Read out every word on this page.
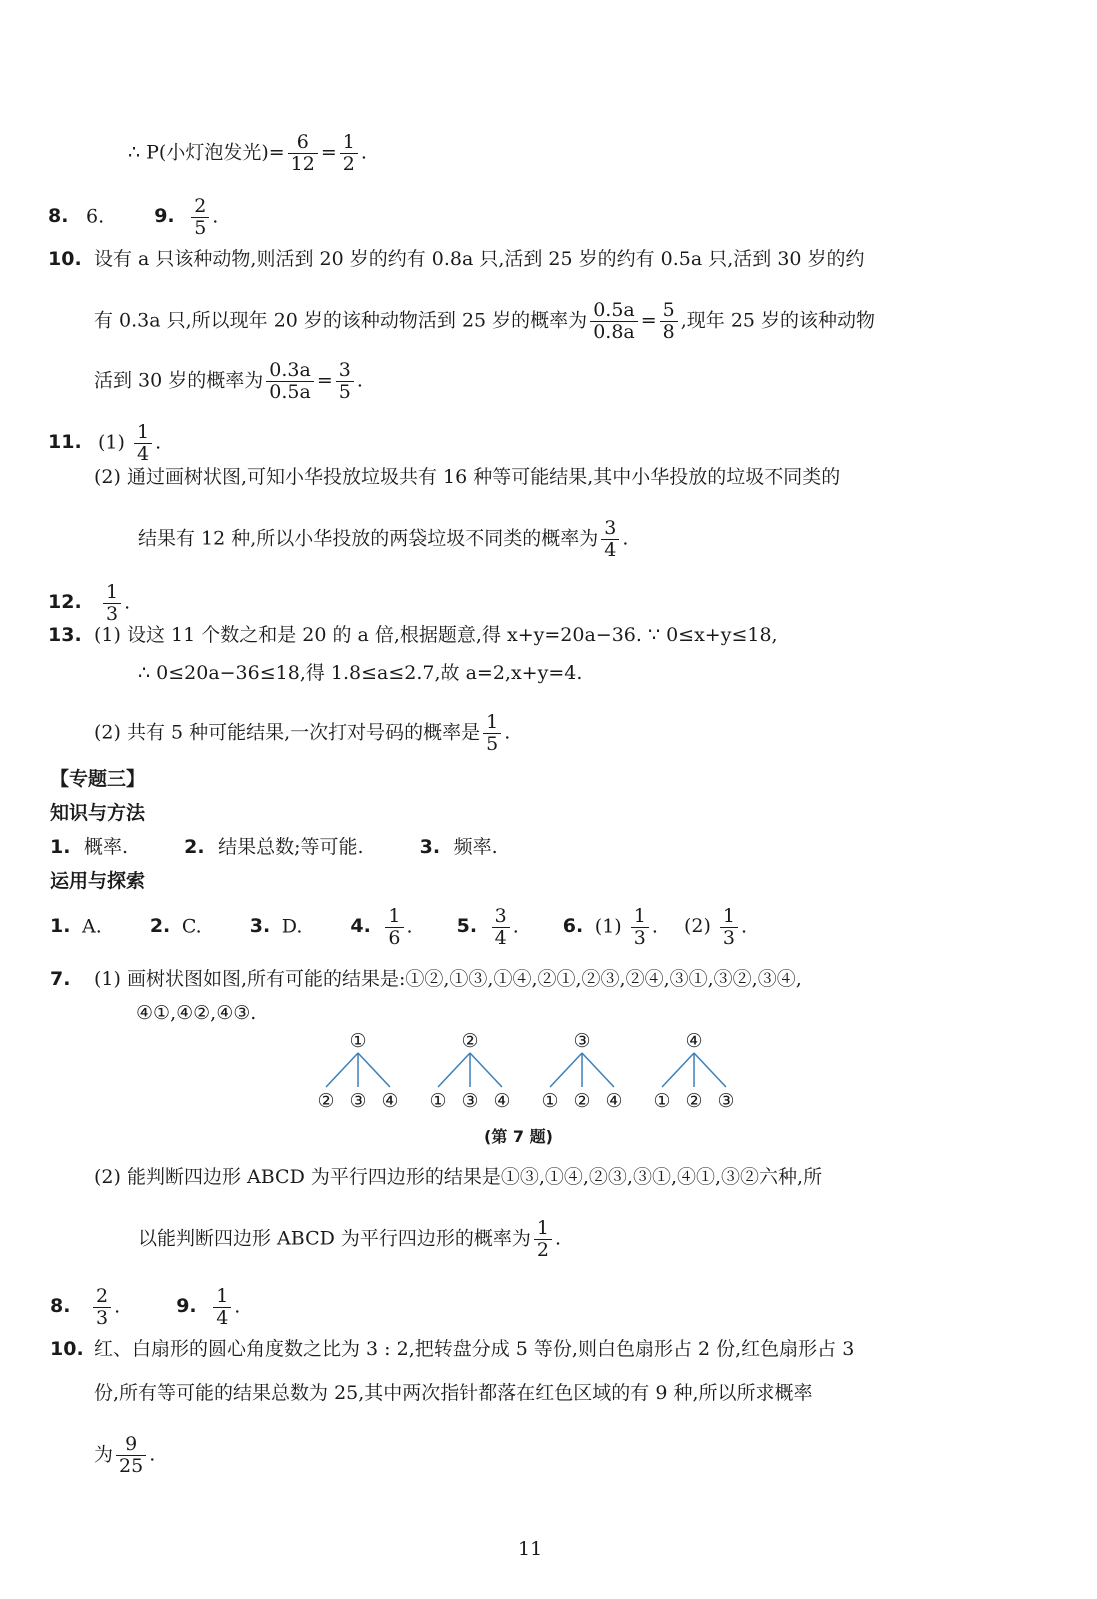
∴ P(小灯泡发光)= $\frac{6}{12} = \frac{1}{2}$ .
8. 6.	9. $\frac{2}{5}$ .
10. 设有 a 只该种动物,则活到 20 岁的约有 0.8a 只,活到 25 岁的约有 0.5a 只,活到 30 岁的约
有 0.3a 只,所以现年 20 岁的该种动物活到 25 岁的概率为 $\frac{0.5a}{0.8a} = \frac{5}{8}$ ,现年 25 岁的该种动物
活到 30 岁的概率为 $\frac{0.3a}{0.5a} = \frac{3}{5}$ .
11. $(1) \frac{1}{4}$ .
(2) 通过画树状图,可知小华投放垃圾共有 16 种等可能结果,其中小华投放的垃圾不同类的
结果有 12 种,所以小华投放的两袋垃圾不同类的概率为 $\frac{3}{4}$ .
12. $\frac{1}{3}$ .
13. (1) 设这 11 个数之和是 20 的 a 倍,根据题意,得 x+y=20a−36. ∵ 0≤x+y≤18,
∴ 0≤20a−36≤18,得 1.8≤a≤2.7,故 a=2,x+y=4.
(2) 共有 5 种可能结果,一次打对号码的概率是 $\frac{1}{5}$ .
【专题三】
知识与方法
1. 概率.	2. 结果总数;等可能.	3. 频率.
运用与探索
1. A.	2. C.	3. D.	4. $\frac{1}{6}$ . 5. $\frac{3}{4}$ . 6. $(1) \frac{1}{3}$ . $(2) \frac{1}{3}$ .
7. (1) 画树状图如图,所有可能的结果是:①②,①③,①④,②①,②③,②④,③①,③②,③④,
④①,④②,④③.
①
② ③ ④
②
① ③ ④
③
① ② ④
④
① ② ③
(第 7 题)
(2) 能判断四边形 ABCD 为平行四边形的结果是①③,①④,②③,③①,④①,③②六种,所
以能判断四边形 ABCD 为平行四边形的概率为 $\frac{1}{2}$ .
8. $\frac{2}{3}$ .	9. $\frac{1}{4}$ .
10. 红、白扇形的圆心角度数之比为 3 : 2,把转盘分成 5 等份,则白色扇形占 2 份,红色扇形占 3
份,所有等可能的结果总数为 25,其中两次指针都落在红色区域的有 9 种,所以所求概率
为 $\frac{9}{25}$ .
11
